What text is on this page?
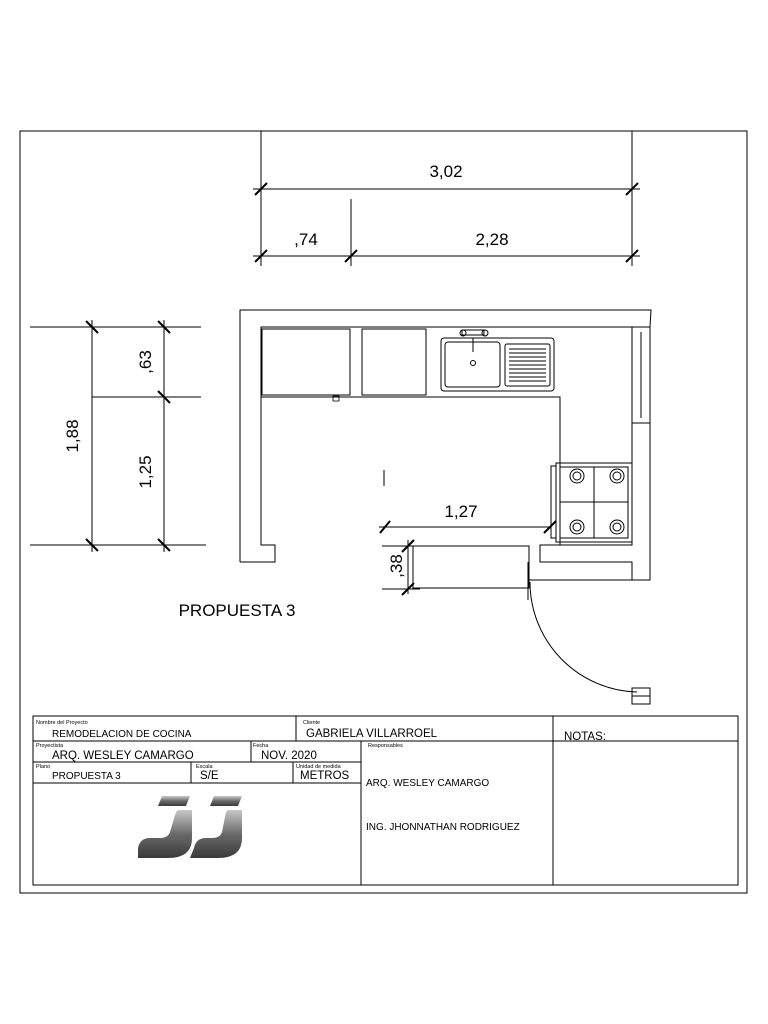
3,02
,74	2,28
1,88
,63
1,25
1,27
,38
PROPUESTA 3
Nombre del Proyecto
REMODELACION DE COCINA
Cliente
GABRIELA VILLARROEL	NOTAS:
Proyectista
ARQ. WESLEY CAMARGO
Fecha
NOV. 2020
Responsables
Plano
PROPUESTA 3
Escala
S/E
Unidad de medida
METROS
ARQ. WESLEY CAMARGO
ING. JHONNATHAN RODRIGUEZ
